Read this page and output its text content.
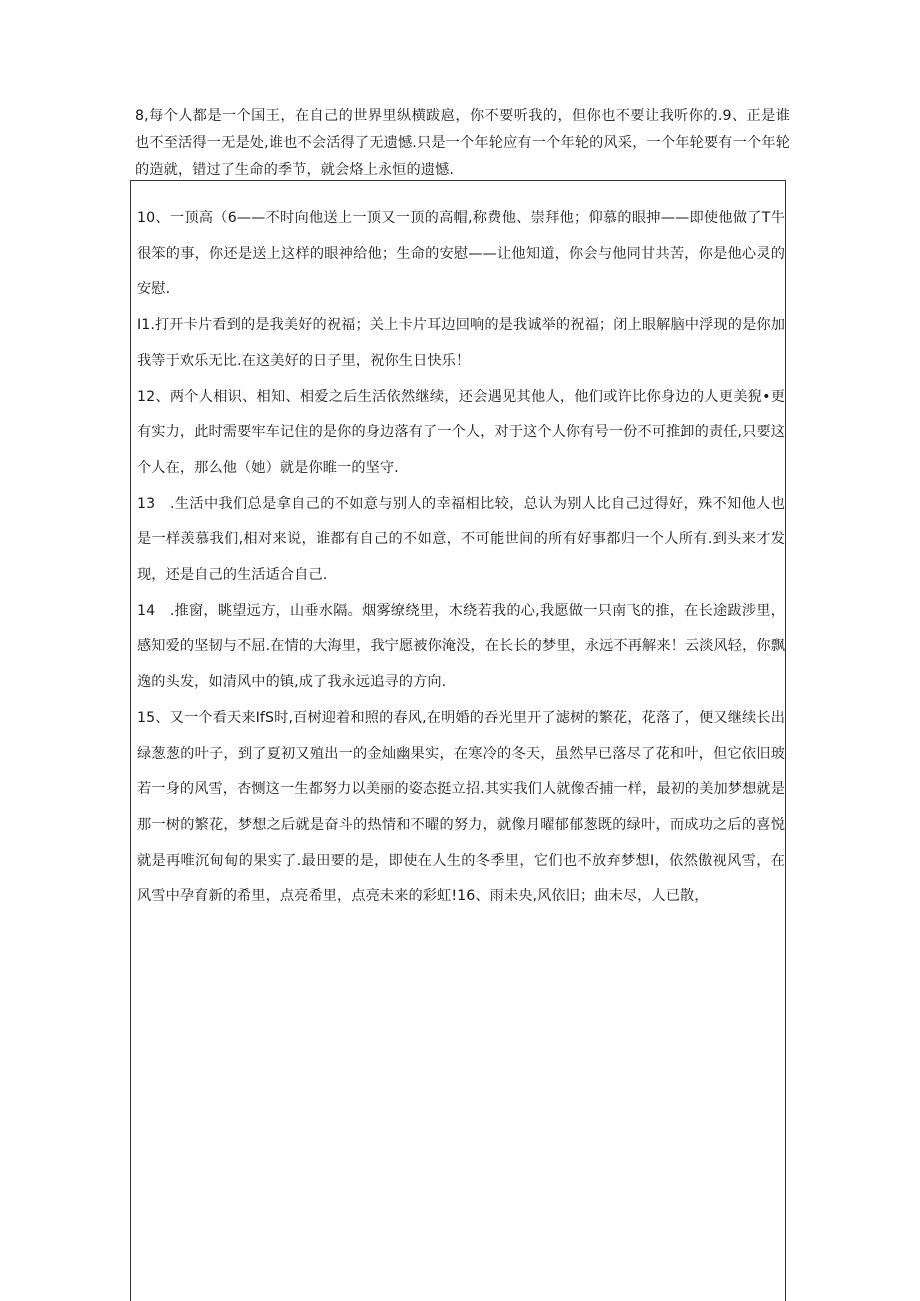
8,每个人都是一个国王，在自己的世界里纵横跋扈，你不要听我的，但你也不要让我听你的.9、正是谁也不至活得一无是处,谁也不会活得了无遗憾.只是一个年轮应有一个年轮的风采，一个年轮要有一个年轮的造就，错过了生命的季节，就会烙上永恒的遗憾.

10、一顶高（6——不时向他送上一顶又一顶的高帽,称费他、崇拜他；仰慕的眼抻——即使他做了T牛很笨的事，你还是送上这样的眼神给他；生命的安慰——让他知道，你会与他同甘共苦，你是他心灵的安慰.

I1.打开卡片看到的是我美好的祝福；关上卡片耳边回响的是我诚举的祝福；闭上眼解脑中浮现的是你加我等于欢乐无比.在这美好的日子里，祝你生日快乐！

12、两个人相识、相知、相爱之后生活依然继续，还会遇见其他人，他们或许比你身边的人更美猊•更有实力，此时需要牢车记住的是你的身边落有了一个人，对于这个人你有号一份不可推卸的责任,只要这个人在，那么他（她）就是你睢一的坚守.

13　.生活中我们总是拿自己的不如意与别人的幸福相比较，总认为别人比自己过得好，殊不知他人也是一样羡慕我们,相对来说，谁都有自己的不如意，不可能世间的所有好事都归一个人所有.到头来才发现，还是自己的生活适合自己.

14　.推窗，眺望远方，山垂水隔。烟雾缭绕里，木绕若我的心,我愿做一只南飞的推，在长途跋涉里，感知爱的坚韧与不屈.在情的大海里，我宁愿被你淹没，在长长的梦里，永远不再解来！云淡风轻，你飘逸的头发，如清风中的镇,成了我永远追寻的方向.

15、又一个看天来IfS时,百树迎着和照的春风,在明婚的吞光里开了滤树的繁花，花落了，便又继续长出绿葱葱的叶子，到了夏初又殖出一的金灿幽果实，在寒冷的冬天，虽然早已落尽了花和叶，但它依旧玻若一身的风雪，杏恻这一生都努力以美丽的姿态挺立招.其实我们人就像否捕一样，最初的美加梦想就是那一树的繁花，梦想之后就是奋斗的热情和不曜的努力，就像月曜郁郁葱既的绿叶，而成功之后的喜悦就是再唯沉甸甸的果实了.最田要的是，即使在人生的冬季里，它们也不放弃梦想I，依然傲视风雪，在风雪中孕育新的希里，点亮希里，点亮未来的彩虹!16、雨未央,风依旧；曲未尽，人已散，
